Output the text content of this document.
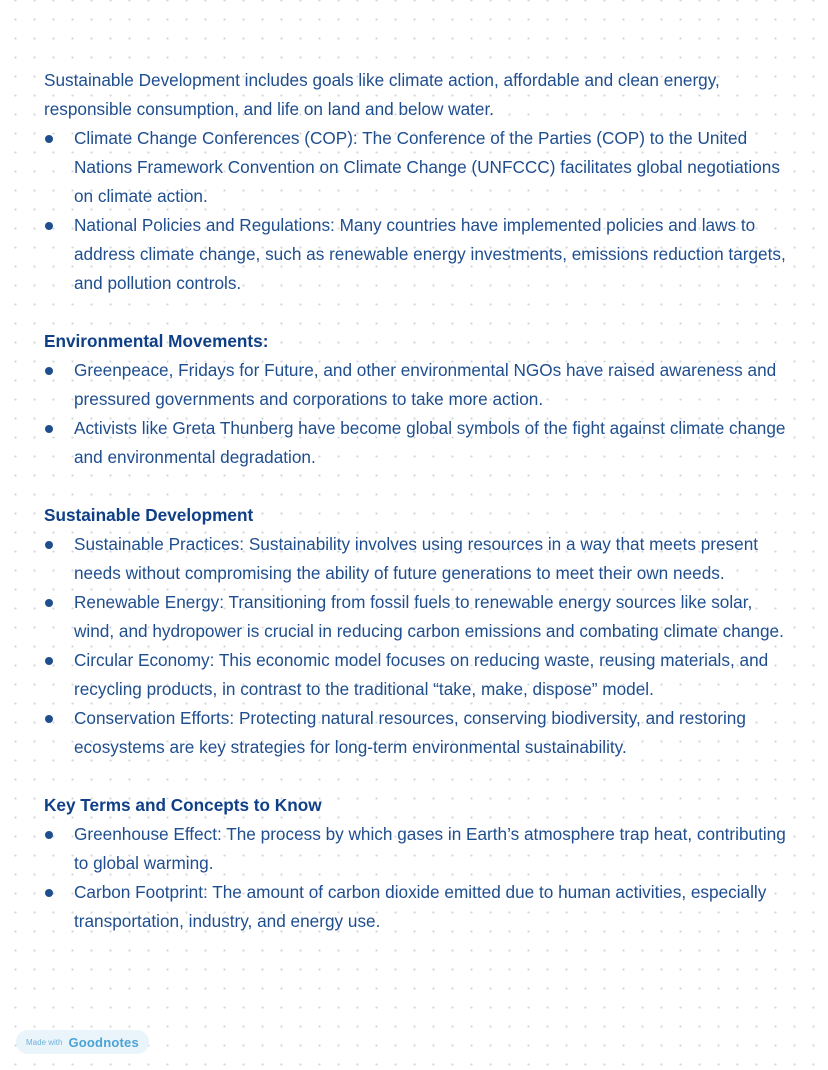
Sustainable Development includes goals like climate action, affordable and clean energy,

responsible consumption, and life on land and below water.

Climate Change Conferences (COP): The Conference of the Parties (COP) to the United Nations Framework Convention on Climate Change (UNFCCC) facilitates global negotiations on climate action.
National Policies and Regulations: Many countries have implemented policies and laws to address climate change, such as renewable energy investments, emissions reduction targets, and pollution controls.

Environmental Movements:

Greenpeace, Fridays for Future, and other environmental NGOs have raised awareness and pressured governments and corporations to take more action.
Activists like Greta Thunberg have become global symbols of the fight against climate change and environmental degradation.

Sustainable Development

Sustainable Practices: Sustainability involves using resources in a way that meets present needs without compromising the ability of future generations to meet their own needs.
Renewable Energy: Transitioning from fossil fuels to renewable energy sources like solar, wind, and hydropower is crucial in reducing carbon emissions and combating climate change.
Circular Economy: This economic model focuses on reducing waste, reusing materials, and recycling products, in contrast to the traditional “take, make, dispose” model.
Conservation Efforts: Protecting natural resources, conserving biodiversity, and restoring ecosystems are key strategies for long-term environmental sustainability.

Key Terms and Concepts to Know

Greenhouse Effect: The process by which gases in Earth’s atmosphere trap heat, contributing to global warming.
Carbon Footprint: The amount of carbon dioxide emitted due to human activities, especially transportation, industry, and energy use.
Made with Goodnotes
